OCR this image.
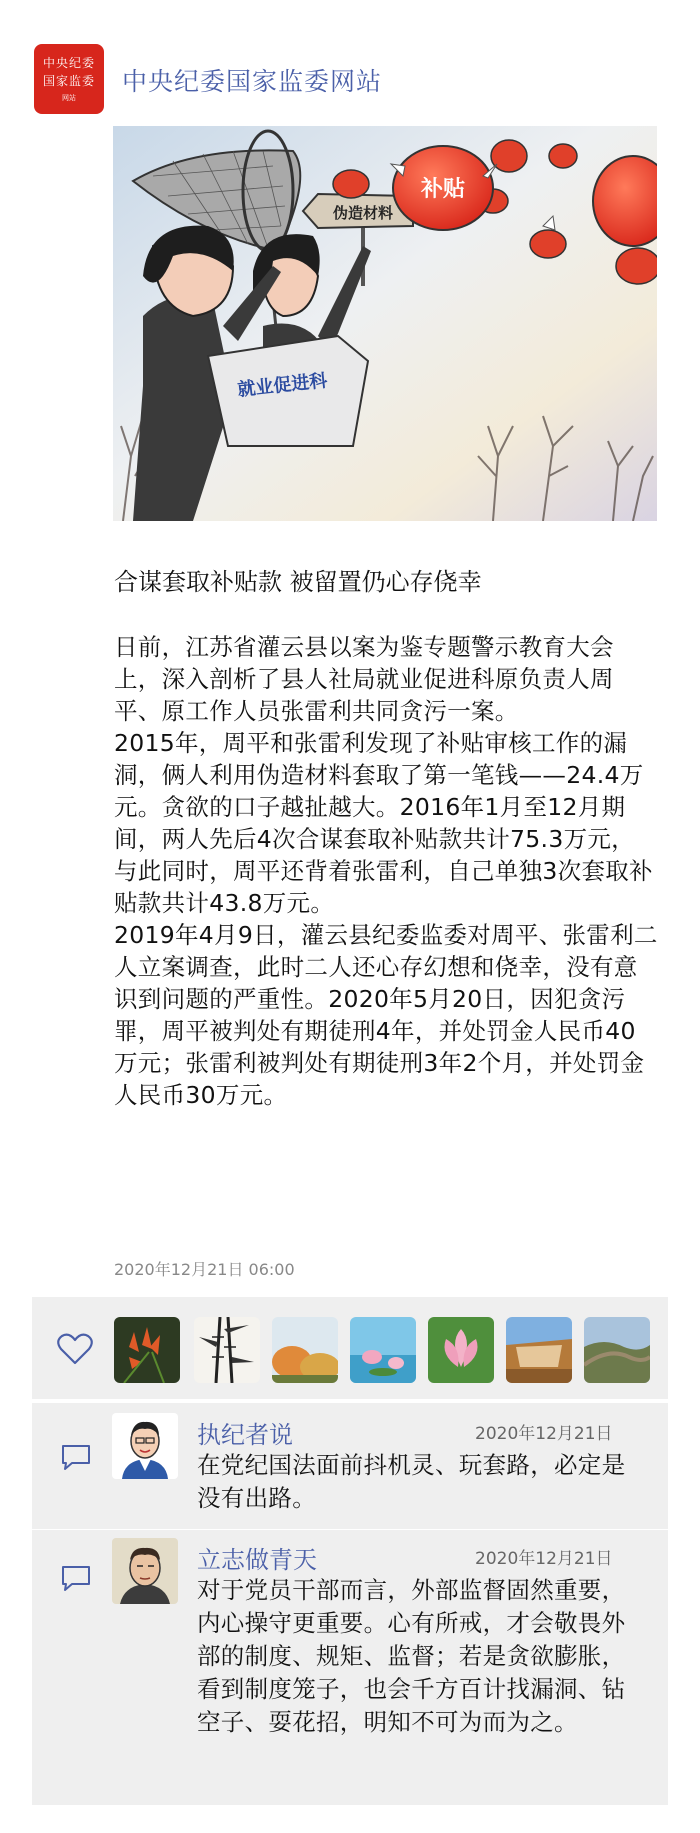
中央纪委
国家监委
网站
中央纪委国家监委网站
伪造材料
补贴
就业促进科
合谋套取补贴款 被留置仍心存侥幸

日前，江苏省灌云县以案为鉴专题警示教育大会上，深入剖析了县人社局就业促进科原负责人周平、原工作人员张雷利共同贪污一案。

2015年，周平和张雷利发现了补贴审核工作的漏洞，俩人利用伪造材料套取了第一笔钱——24.4万元。贪欲的口子越扯越大。2016年1月至12月期间，两人先后4次合谋套取补贴款共计75.3万元，与此同时，周平还背着张雷利，自己单独3次套取补贴款共计43.8万元。

2019年4月9日，灌云县纪委监委对周平、张雷利二人立案调查，此时二人还心存幻想和侥幸，没有意识到问题的严重性。2020年5月20日，因犯贪污罪，周平被判处有期徒刑4年，并处罚金人民币40万元；张雷利被判处有期徒刑3年2个月，并处罚金人民币30万元。

2020年12月21日 06:00
执纪者说	2020年12月21日
在党纪国法面前抖机灵、玩套路，必定是没有出路。
立志做青天	2020年12月21日
对于党员干部而言，外部监督固然重要，内心操守更重要。心有所戒，才会敬畏外部的制度、规矩、监督；若是贪欲膨胀，看到制度笼子，也会千方百计找漏洞、钻空子、耍花招，明知不可为而为之。
